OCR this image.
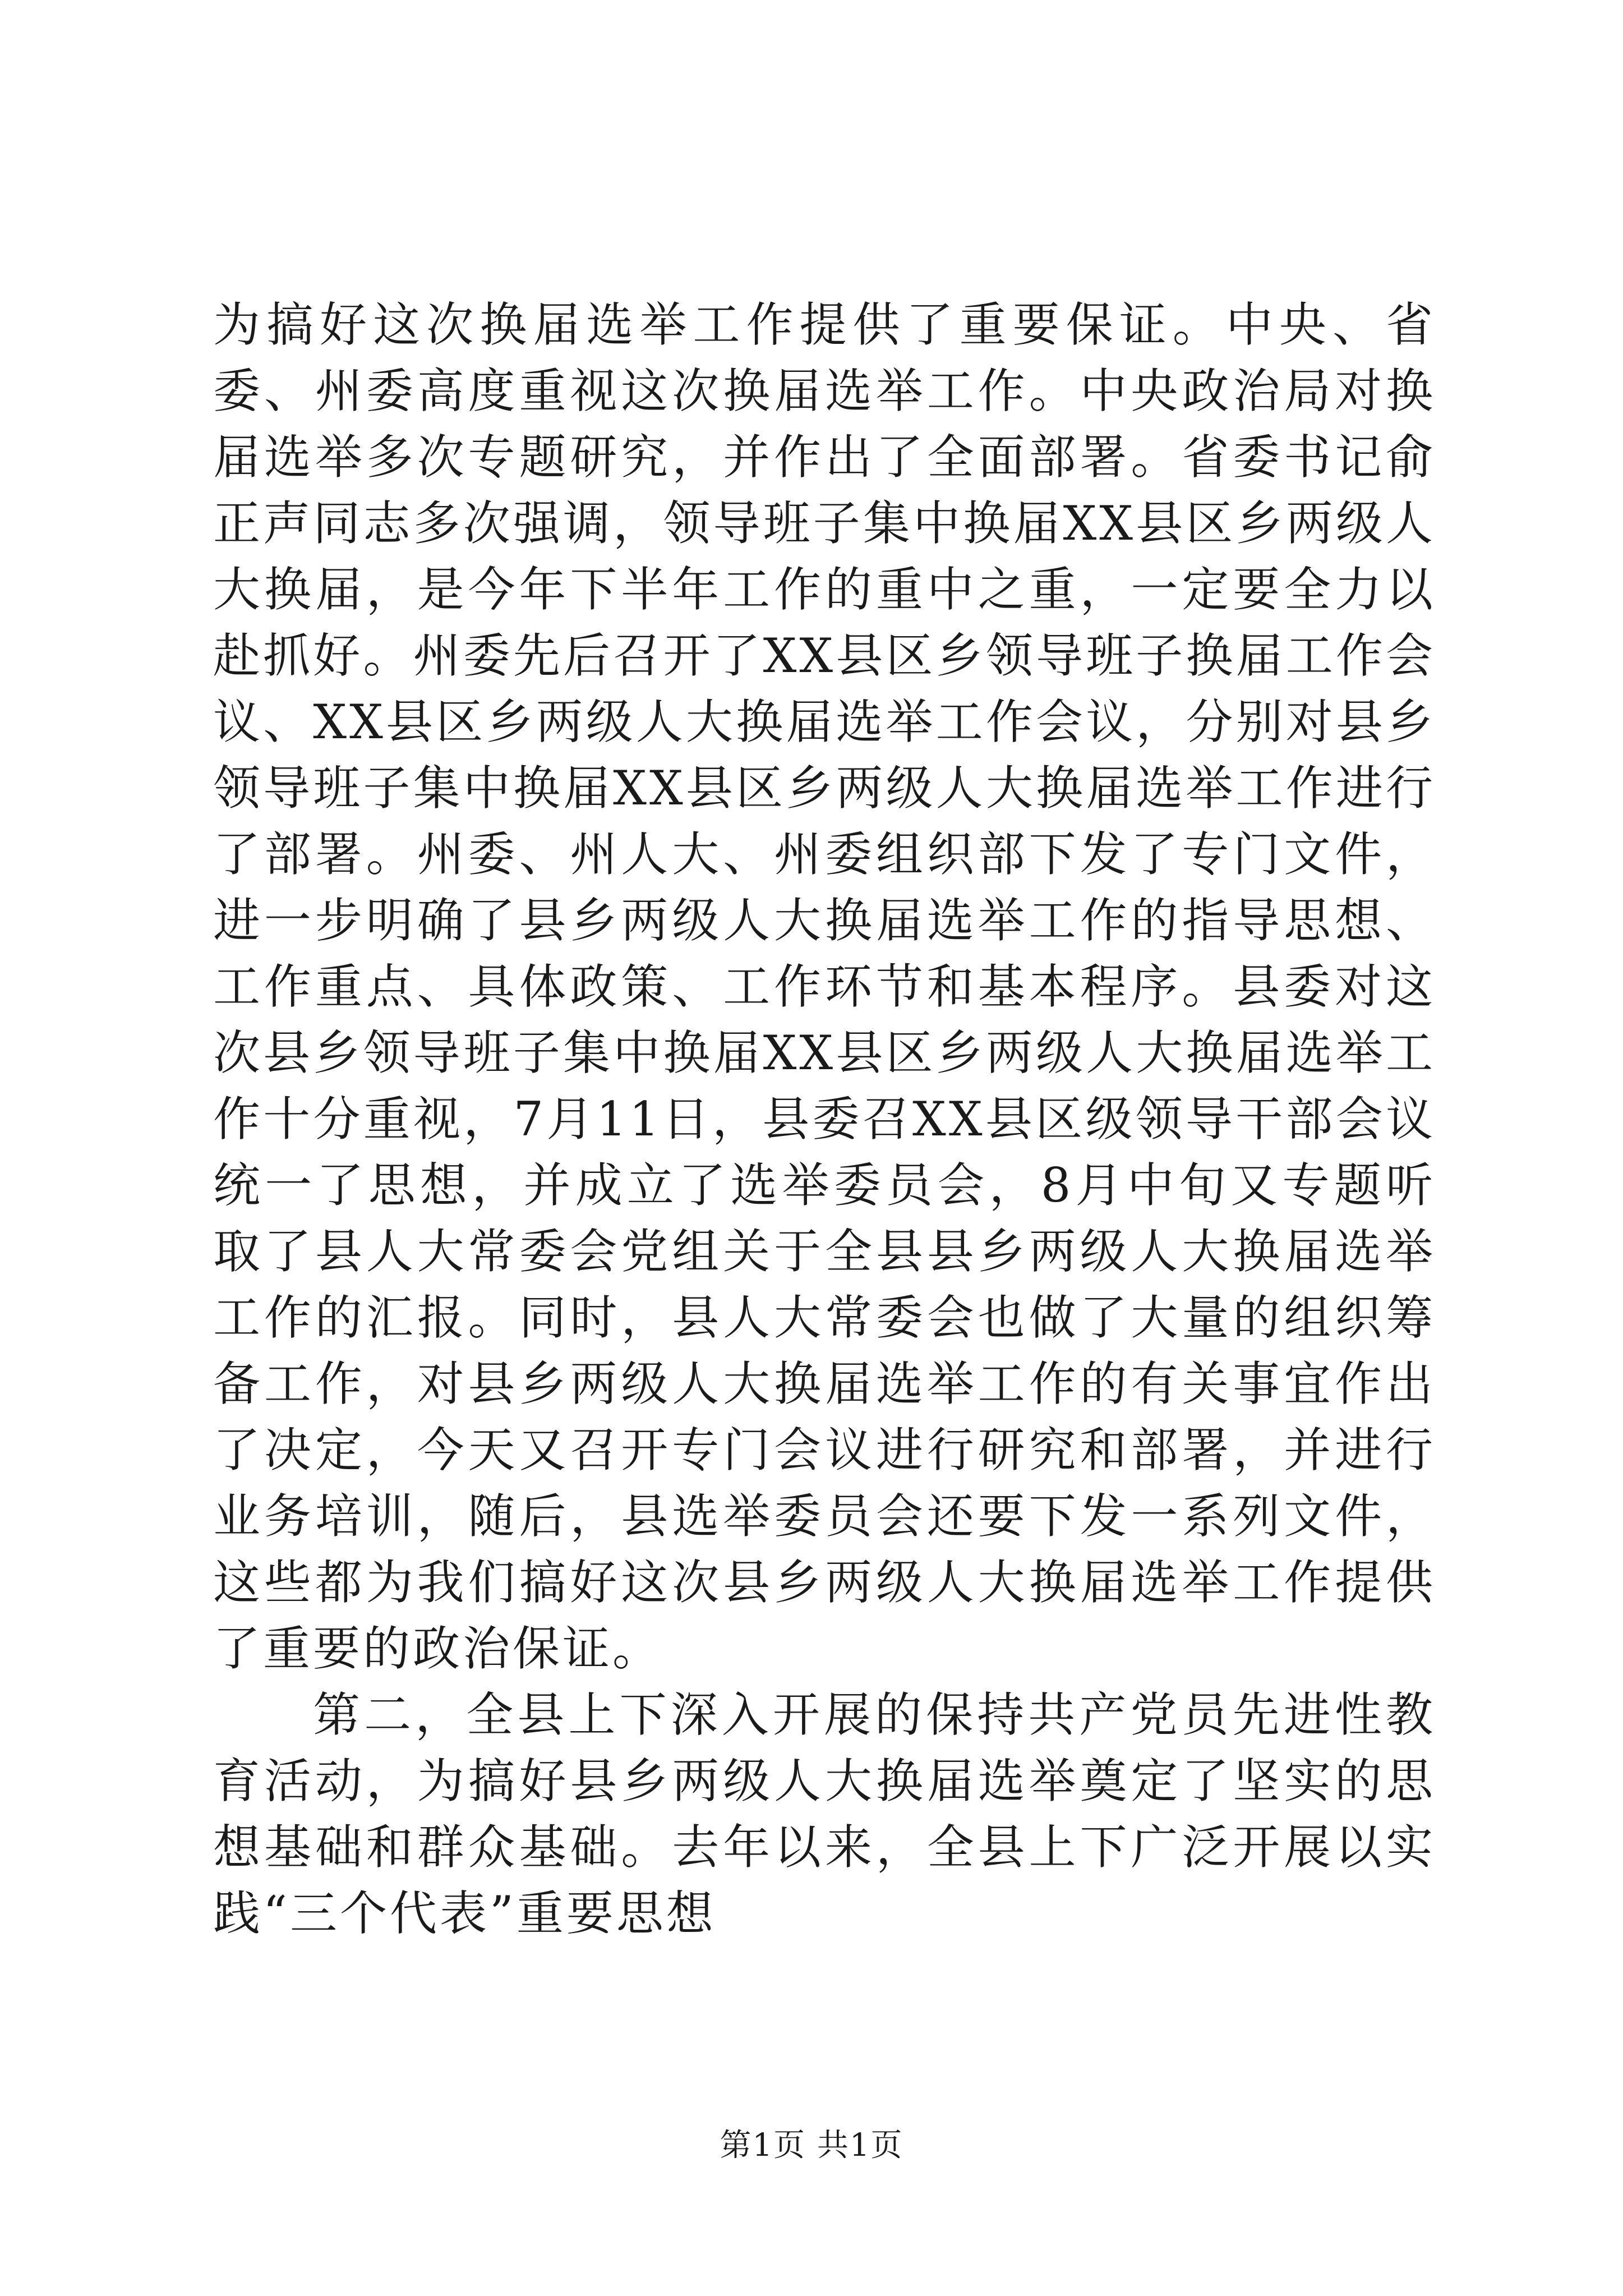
为搞好这次换届选举工作提供了重要保证。中央、省委、州委高度重视这次换届选举工作。中央政治局对换届选举多次专题研究，并作出了全面部署。省委书记俞正声同志多次强调，领导班子集中换届XX县区乡两级人大换届，是今年下半年工作的重中之重，一定要全力以赴抓好。州委先后召开了XX县区乡领导班子换届工作会议、XX县区乡两级人大换届选举工作会议，分别对县乡领导班子集中换届XX县区乡两级人大换届选举工作进行了部署。州委、州人大、州委组织部下发了专门文件，进一步明确了县乡两级人大换届选举工作的指导思想、工作重点、具体政策、工作环节和基本程序。县委对这次县乡领导班子集中换届XX县区乡两级人大换届选举工作十分重视，7月11日，县委召XX县区级领导干部会议统一了思想，并成立了选举委员会，8月中旬又专题听取了县人大常委会党组关于全县县乡两级人大换届选举工作的汇报。同时，县人大常委会也做了大量的组织筹备工作，对县乡两级人大换届选举工作的有关事宜作出了决定，今天又召开专门会议进行研究和部署，并进行业务培训，随后，县选举委员会还要下发一系列文件，这些都为我们搞好这次县乡两级人大换届选举工作提供了重要的政治保证。

第二，全县上下深入开展的保持共产党员先进性教育活动，为搞好县乡两级人大换届选举奠定了坚实的思想基础和群众基础。去年以来，全县上下广泛开展以实践“三个代表”重要思想

第1页 共1页
